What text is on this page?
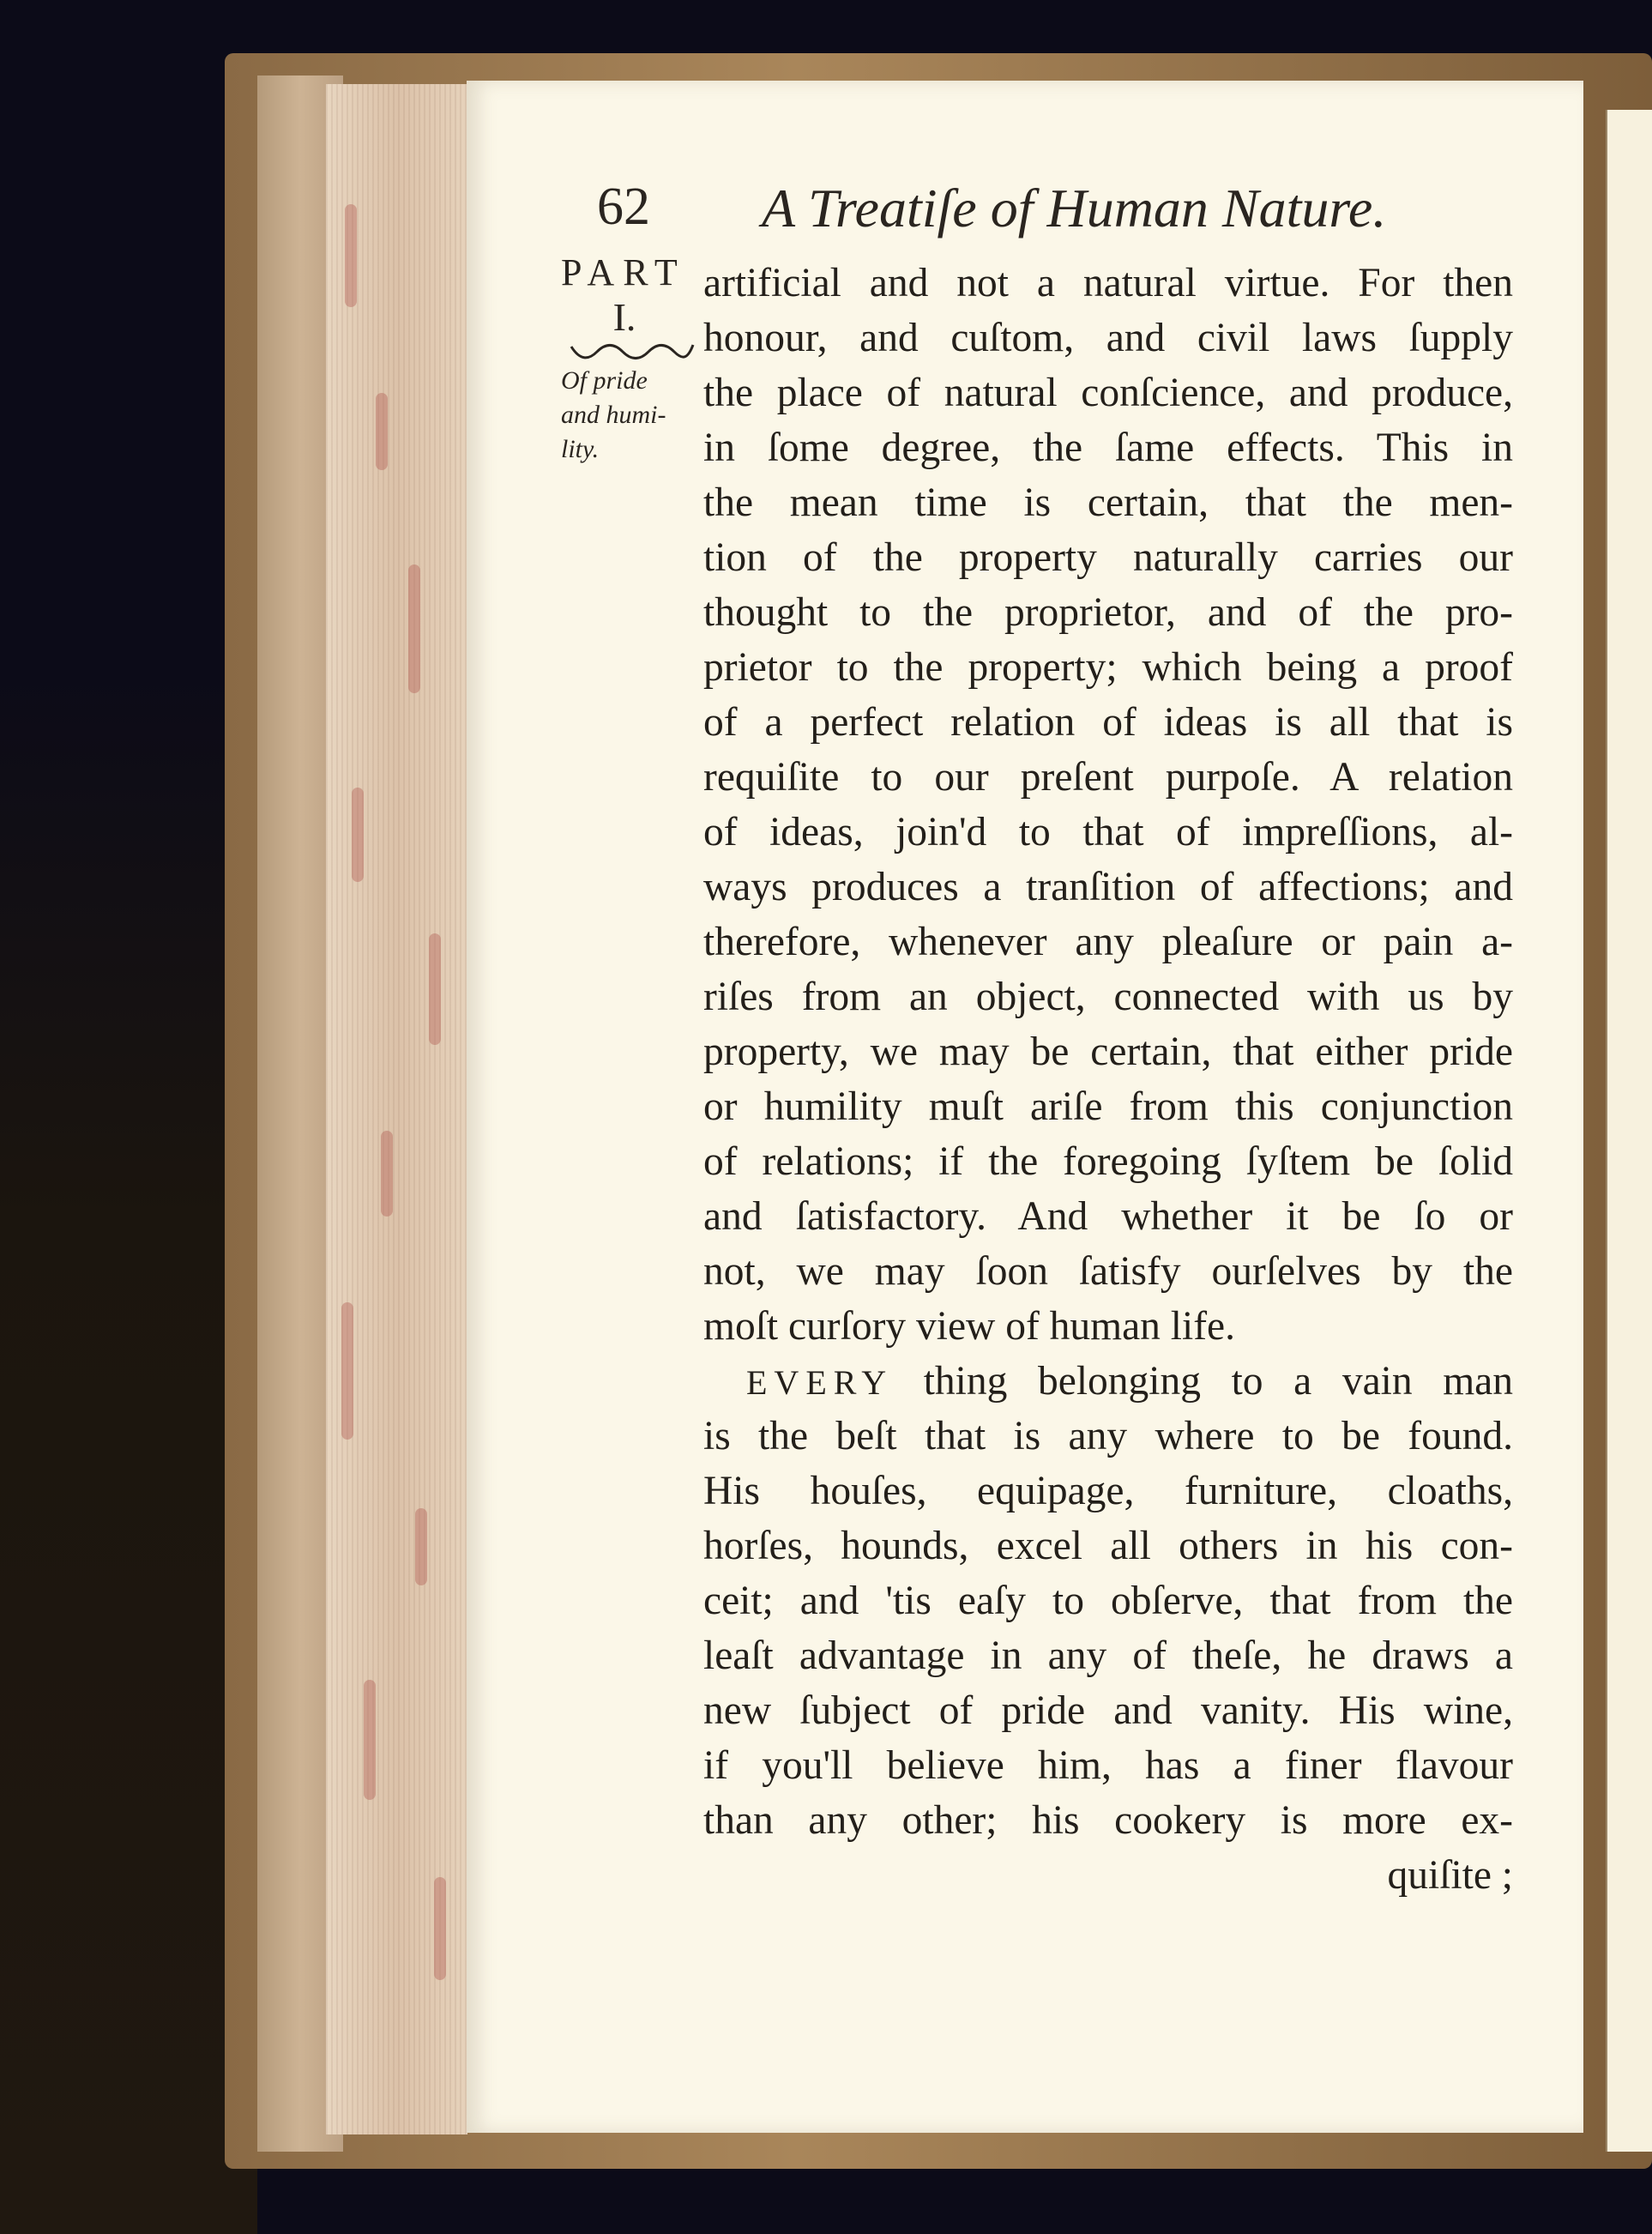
62 A Treatiſe of Human Nature.
PART
I.
Of pride
and humi-
lity.
artificial and not a natural virtue. For then
honour, and cuſtom, and civil laws ſupply
the place of natural conſcience, and produce,
in ſome degree, the ſame effects. This in
the mean time is certain, that the men-
tion of the property naturally carries our
thought to the proprietor, and of the pro-
prietor to the property; which being a proof
of a perfect relation of ideas is all that is
requiſite to our preſent purpoſe. A relation
of ideas, join'd to that of impreſſions, al-
ways produces a tranſition of affections; and
therefore, whenever any pleaſure or pain a-
riſes from an object, connected with us by
property, we may be certain, that either pride
or humility muſt ariſe from this conjunction
of relations; if the foregoing ſyſtem be ſolid
and ſatisfactory. And whether it be ſo or
not, we may ſoon ſatisfy ourſelves by the
moſt curſory view of human life.
EVERY thing belonging to a vain man
is the beſt that is any where to be found.
His houſes, equipage, furniture, cloaths,
horſes, hounds, excel all others in his con-
ceit; and 'tis eaſy to obſerve, that from the
leaſt advantage in any of theſe, he draws a
new ſubject of pride and vanity. His wine,
if you'll believe him, has a finer flavour
than any other; his cookery is more ex-
quiſite ;
